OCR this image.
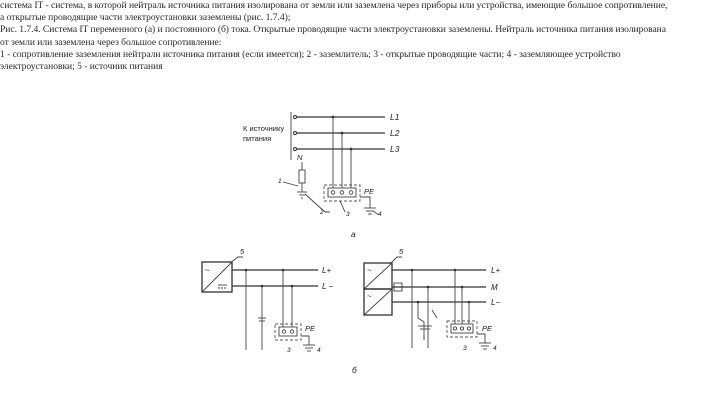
система IT - система, в которой нейтраль источника питания изолирована от земли или заземлена через приборы или устройства, имеющие большое сопротивление,

а открытые проводящие части электроустановки заземлены (рис. 1.7.4);

Рис. 1.7.4. Система IT переменного (а) и постоянного (б) тока. Открытые проводящие части электроустановки заземлены. Нейтраль источника питания изолирована

от земли или заземлена через большое сопротивление:

1 - сопротивление заземления нейтрали источника питания (если имеется); 2 - заземлитель; 3 - открытые проводящие части; 4 - заземляющее устройство

электроустановки; 5 - источник питания

К источнику
питания
L1
L2
L3
N
1
PE
3	4
2
а
~
5
L+
L −
PE
3	4
~
~
5
L+
M
L−
PE
3	4
б
